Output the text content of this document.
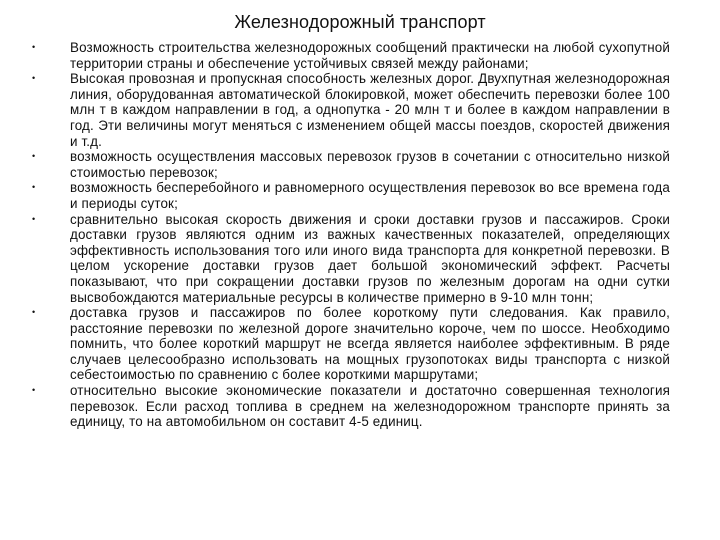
Железнодорожный транспорт
•	Возможность строительства железнодорожных сообщений практически на любой сухопутной территории страны и обеспечение устойчивых связей между районами;
•	Высокая провозная и пропускная способность железных дорог. Двухпутная железнодорожная линия, оборудованная автоматической блокировкой, может обеспечить перевозки более 100 млн т в каждом направлении в год, а однопутка - 20 млн т и более в каждом направлении в год. Эти величины могут меняться с изменением общей массы поездов, скоростей движения и т.д.
•	возможность осуществления массовых перевозок грузов в сочетании с относительно низкой стоимостью перевозок;
•	возможность бесперебойного и равномерного осуществления перевозок во все времена года и периоды суток;
•	сравнительно высокая скорость движения и сроки доставки грузов и пассажиров. Сроки доставки грузов являются одним из важных качественных показателей, определяющих эффективность использования того или иного вида транспорта для конкретной перевозки. В целом ускорение доставки грузов дает большой экономический эффект. Расчеты показывают, что при сокращении доставки грузов по железным дорогам на одни сутки высвобождаются материальные ресурсы в количестве примерно в 9-10 млн тонн;
•	доставка грузов и пассажиров по более короткому пути следования. Как правило, расстояние перевозки по железной дороге значительно короче, чем по шоссе. Необходимо помнить, что более короткий маршрут не всегда является наиболее эффективным. В ряде случаев целесообразно использовать на мощных грузопотоках виды транспорта с низкой себестоимостью по сравнению с более короткими маршрутами;
•	относительно высокие экономические показатели и достаточно совершенная технология перевозок. Если расход топлива в среднем на железнодорожном транспорте принять за единицу, то на автомобильном он составит 4-5 единиц.
